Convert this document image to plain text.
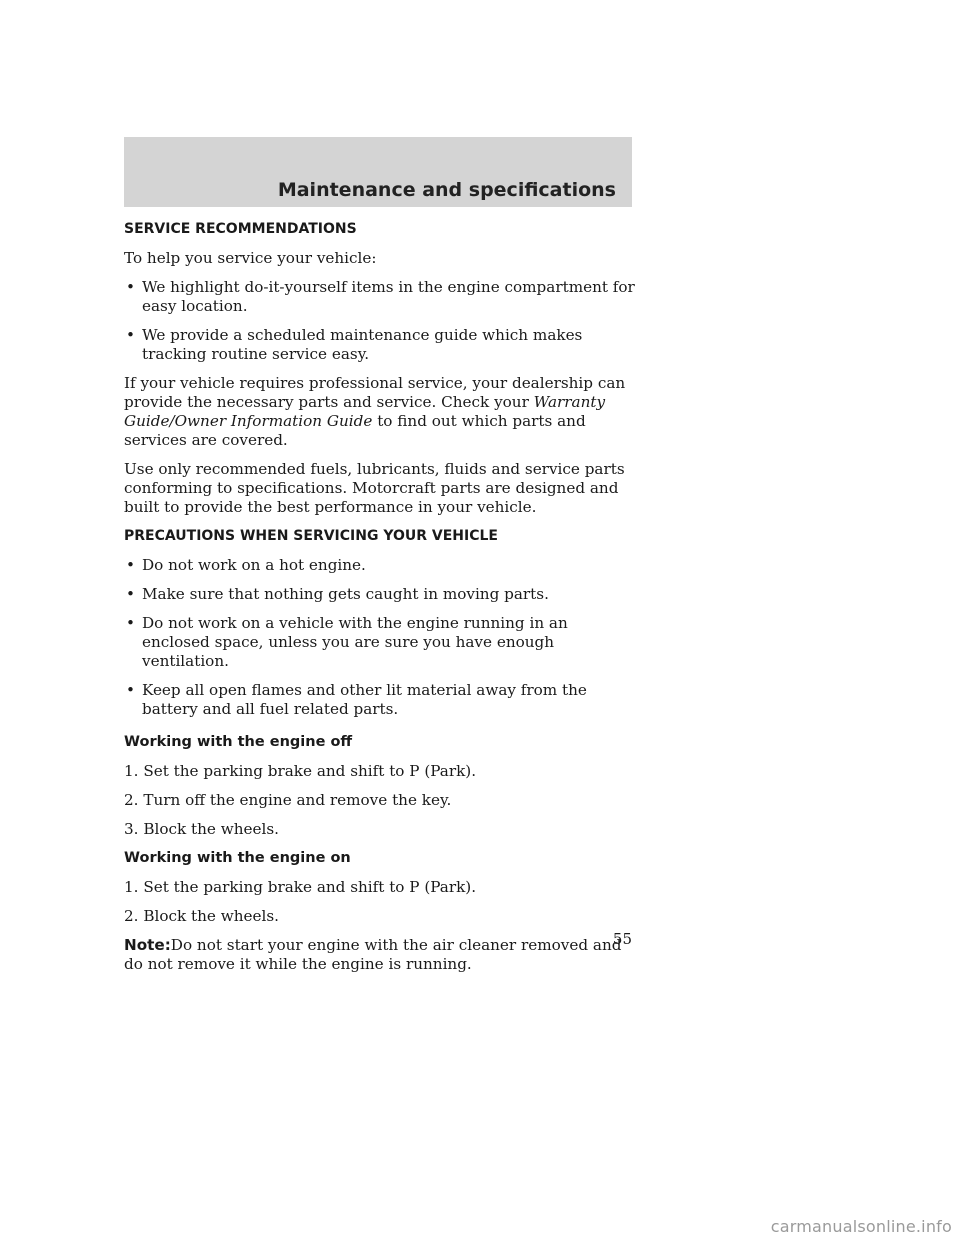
Maintenance and specifications
SERVICE RECOMMENDATIONS

To help you service your vehicle:

• We highlight do-it-yourself items in the engine compartment for easy location.
• We provide a scheduled maintenance guide which makes tracking routine service easy.

If your vehicle requires professional service, your dealership can provide the necessary parts and service. Check your Warranty Guide/Owner Information Guide to find out which parts and services are covered.

Use only recommended fuels, lubricants, fluids and service parts conforming to specifications. Motorcraft parts are designed and built to provide the best performance in your vehicle.

PRECAUTIONS WHEN SERVICING YOUR VEHICLE
• Do not work on a hot engine.
• Make sure that nothing gets caught in moving parts.
• Do not work on a vehicle with the engine running in an enclosed space, unless you are sure you have enough ventilation.
• Keep all open flames and other lit material away from the battery and all fuel related parts.
Working with the engine off

1. Set the parking brake and shift to P (Park).

2. Turn off the engine and remove the key.

3. Block the wheels.

Working with the engine on

1. Set the parking brake and shift to P (Park).

2. Block the wheels.

Note:Do not start your engine with the air cleaner removed and do not remove it while the engine is running.

55
carmanualsonline.info
